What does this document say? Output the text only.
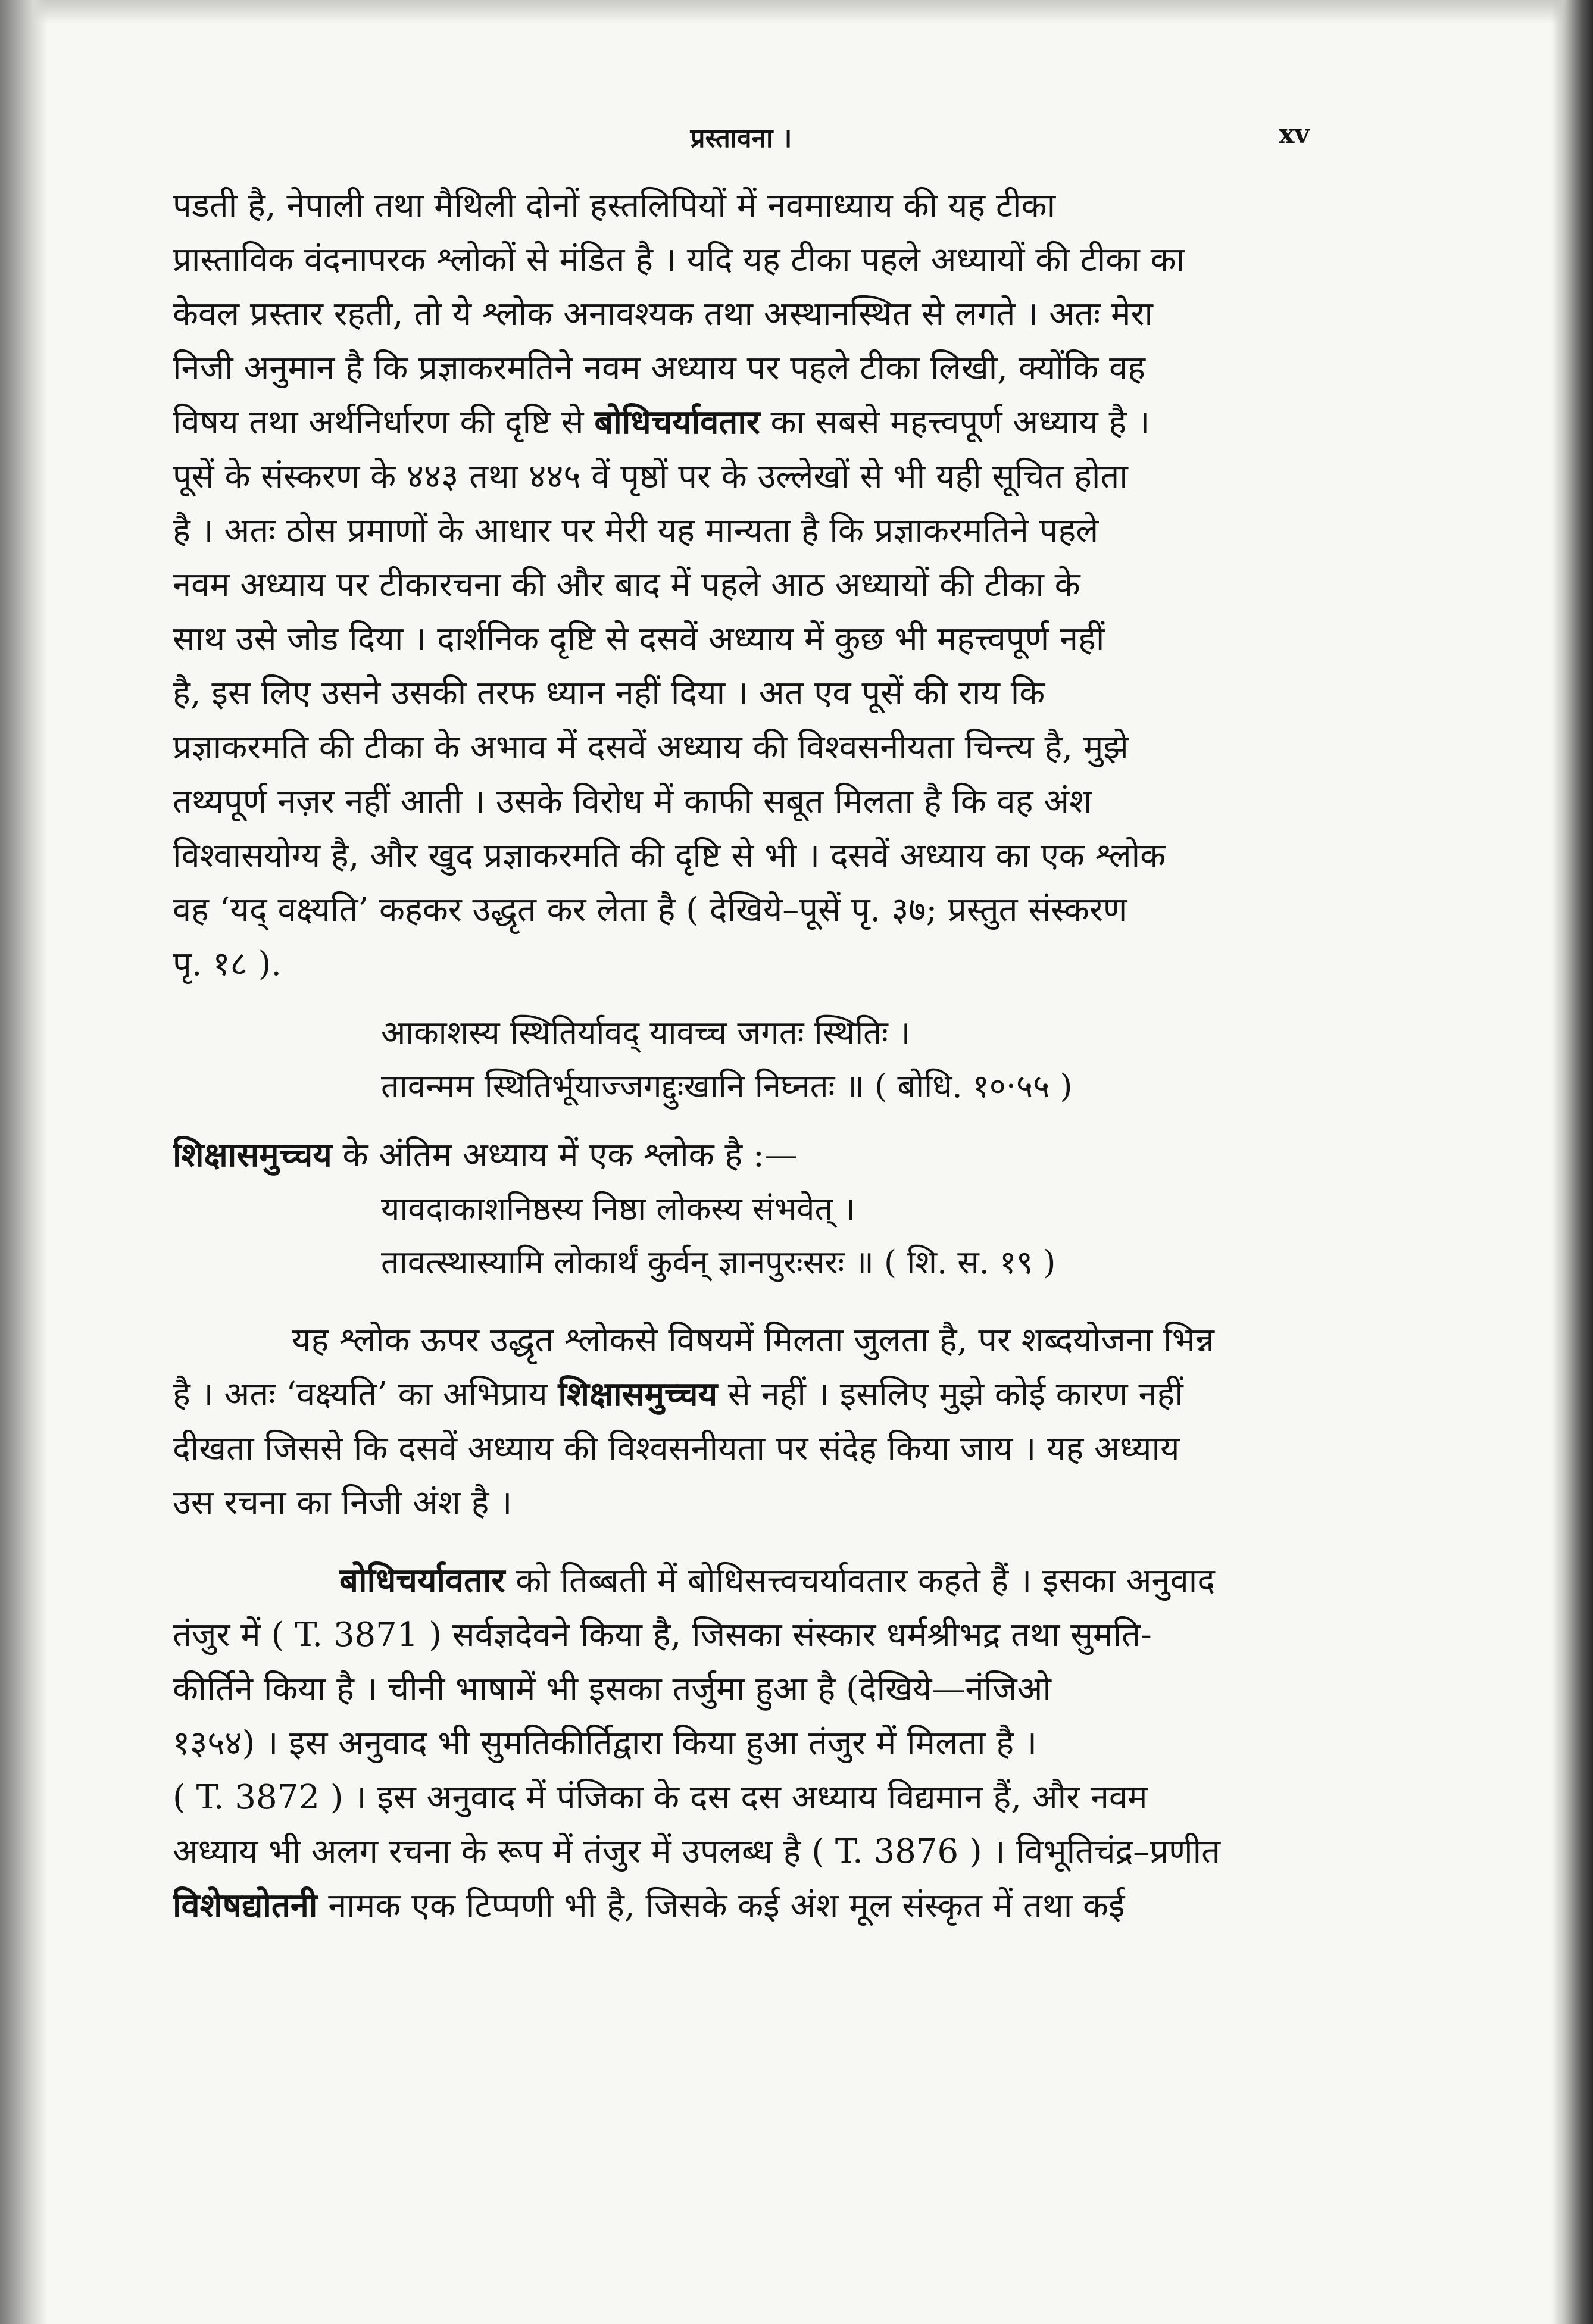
प्रस्तावना ।	xv
पडती है, नेपाली तथा मैथिली दोनों हस्तलिपियों में नवमाध्याय की यह टीका
प्रास्ताविक वंदनापरक श्लोकों से मंडित है । यदि यह टीका पहले अध्यायों की टीका का
केवल प्रस्तार रहती, तो ये श्लोक अनावश्यक तथा अस्थानस्थित से लगते । अतः मेरा
निजी अनुमान है कि प्रज्ञाकरमतिने नवम अध्याय पर पहले टीका लिखी, क्योंकि वह
विषय तथा अर्थनिर्धारण की दृष्टि से बोधिचर्यावतार का सबसे महत्त्वपूर्ण अध्याय है ।
पूसें के संस्करण के ४४३ तथा ४४५ वें पृष्ठों पर के उल्लेखों से भी यही सूचित होता
है । अतः ठोस प्रमाणों के आधार पर मेरी यह मान्यता है कि प्रज्ञाकरमतिने पहले
नवम अध्याय पर टीकारचना की और बाद में पहले आठ अध्यायों की टीका के
साथ उसे जोड दिया । दार्शनिक दृष्टि से दसवें अध्याय में कुछ भी महत्त्वपूर्ण नहीं
है, इस लिए उसने उसकी तरफ ध्यान नहीं दिया । अत एव पूसें की राय कि
प्रज्ञाकरमति की टीका के अभाव में दसवें अध्याय की विश्वसनीयता चिन्त्य है, मुझे
तथ्यपूर्ण नज़र नहीं आती । उसके विरोध में काफी सबूत मिलता है कि वह अंश
विश्वासयोग्य है, और खुद प्रज्ञाकरमति की दृष्टि से भी । दसवें अध्याय का एक श्लोक
वह ‘यद् वक्ष्यति’ कहकर उद्धृत कर लेता है ( देखिये–पूसें पृ. ३७; प्रस्तुत संस्करण
पृ. १८ ).
आकाशस्य स्थितिर्यावद् यावच्च जगतः स्थितिः ।
तावन्मम स्थितिर्भूयाज्जगद्दुःखानि निघ्नतः ॥ ( बोधि. १०·५५ )
शिक्षासमुच्चय के अंतिम अध्याय में एक श्लोक है :—
यावदाकाशनिष्ठस्य निष्ठा लोकस्य संभवेत् ।
तावत्स्थास्यामि लोकार्थं कुर्वन् ज्ञानपुरःसरः ॥ ( शि. स. १९ )
यह श्लोक ऊपर उद्धृत श्लोकसे विषयमें मिलता जुलता है, पर शब्दयोजना भिन्न
है । अतः ‘वक्ष्यति’ का अभिप्राय शिक्षासमुच्चय से नहीं । इसलिए मुझे कोई कारण नहीं
दीखता जिससे कि दसवें अध्याय की विश्वसनीयता पर संदेह किया जाय । यह अध्याय
उस रचना का निजी अंश है ।
बोधिचर्यावतार को तिब्बती में बोधिसत्त्वचर्यावतार कहते हैं । इसका अनुवाद
तंजुर में ( T. 3871 ) सर्वज्ञदेवने किया है, जिसका संस्कार धर्मश्रीभद्र तथा सुमति-
कीर्तिने किया है । चीनी भाषामें भी इसका तर्जुमा हुआ है (देखिये—नंजिओ
१३५४) । इस अनुवाद भी सुमतिकीर्तिद्वारा किया हुआ तंजुर में मिलता है ।
( T. 3872 ) । इस अनुवाद में पंजिका के दस दस अध्याय विद्यमान हैं, और नवम
अध्याय भी अलग रचना के रूप में तंजुर में उपलब्ध है ( T. 3876 ) । विभूतिचंद्र–प्रणीत
विशेषद्योतनी नामक एक टिप्पणी भी है, जिसके कई अंश मूल संस्कृत में तथा कई
